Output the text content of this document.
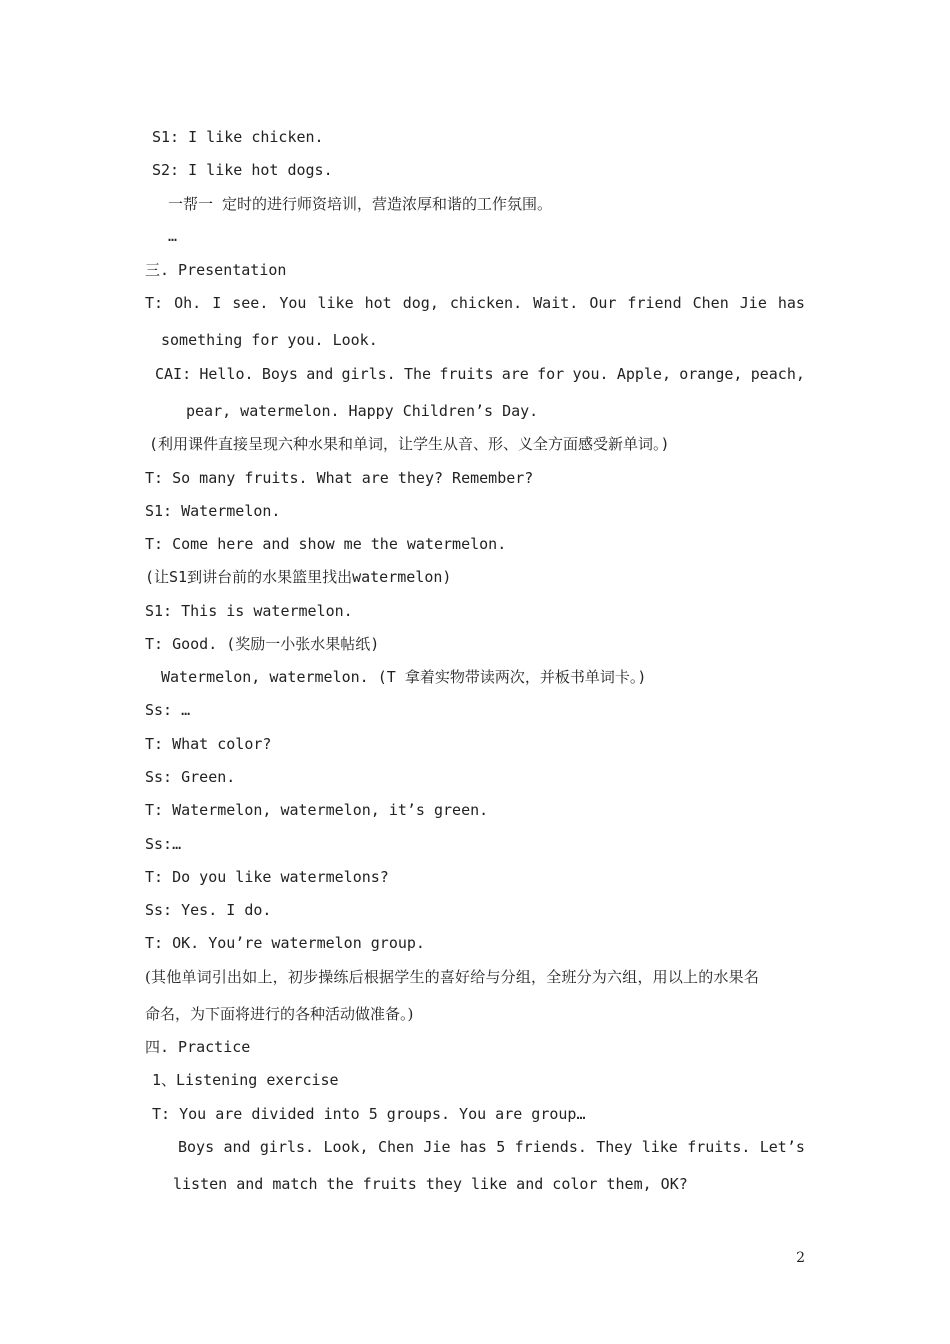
S1: I like chicken.
S2: I like hot dogs.
一帮一 定时的进行师资培训，营造浓厚和谐的工作氛围。
…
三. Presentation
T: Oh. I see. You like hot dog, chicken. Wait. Our friend Chen Jie has
something for you. Look.
CAI: Hello. Boys and girls. The fruits are for you. Apple, orange, peach,
pear, watermelon. Happy Children’s Day.
(利用课件直接呈现六种水果和单词，让学生从音、形、义全方面感受新单词。)
T: So many fruits. What are they? Remember?
S1: Watermelon.
T: Come here and show me the watermelon.
(让S1到讲台前的水果篮里找出watermelon)
S1: This is watermelon.
T: Good. (奖励一小张水果帖纸)
Watermelon, watermelon. (T 拿着实物带读两次，并板书单词卡。)
Ss: …
T: What color?
Ss: Green.
T: Watermelon, watermelon, it’s green.
Ss:…
T: Do you like watermelons?
Ss: Yes. I do.
T: OK. You’re watermelon group.
(其他单词引出如上，初步操练后根据学生的喜好给与分组，全班分为六组，用以上的水果名
命名，为下面将进行的各种活动做准备。)
四. Practice
1、Listening exercise
T: You are divided into 5 groups. You are group…
Boys and girls. Look, Chen Jie has 5 friends. They like fruits. Let’s
listen and match the fruits they like and color them, OK?
2
